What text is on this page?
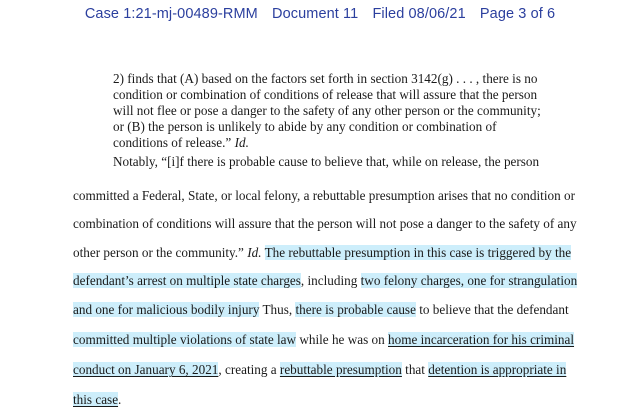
Case 1:21-mj-00489-RMM Document 11 Filed 08/06/21 Page 3 of 6
2) finds that (A) based on the factors set forth in section 3142(g) . . . , there is no
condition or combination of conditions of release that will assure that the person
will not flee or pose a danger to the safety of any other person or the community;
or (B) the person is unlikely to abide by any condition or combination of
conditions of release.” Id.
Notably, “[i]f there is probable cause to believe that, while on release, the person
committed a Federal, State, or local felony, a rebuttable presumption arises that no condition or
combination of conditions will assure that the person will not pose a danger to the safety of any
other person or the community.” Id. The rebuttable presumption in this case is triggered by the
defendant’s arrest on multiple state charges, including two felony charges, one for strangulation
and one for malicious bodily injury Thus, there is probable cause to believe that the defendant
committed multiple violations of state law while he was on home incarceration for his criminal
conduct on January 6, 2021, creating a rebuttable presumption that detention is appropriate in
this case.
